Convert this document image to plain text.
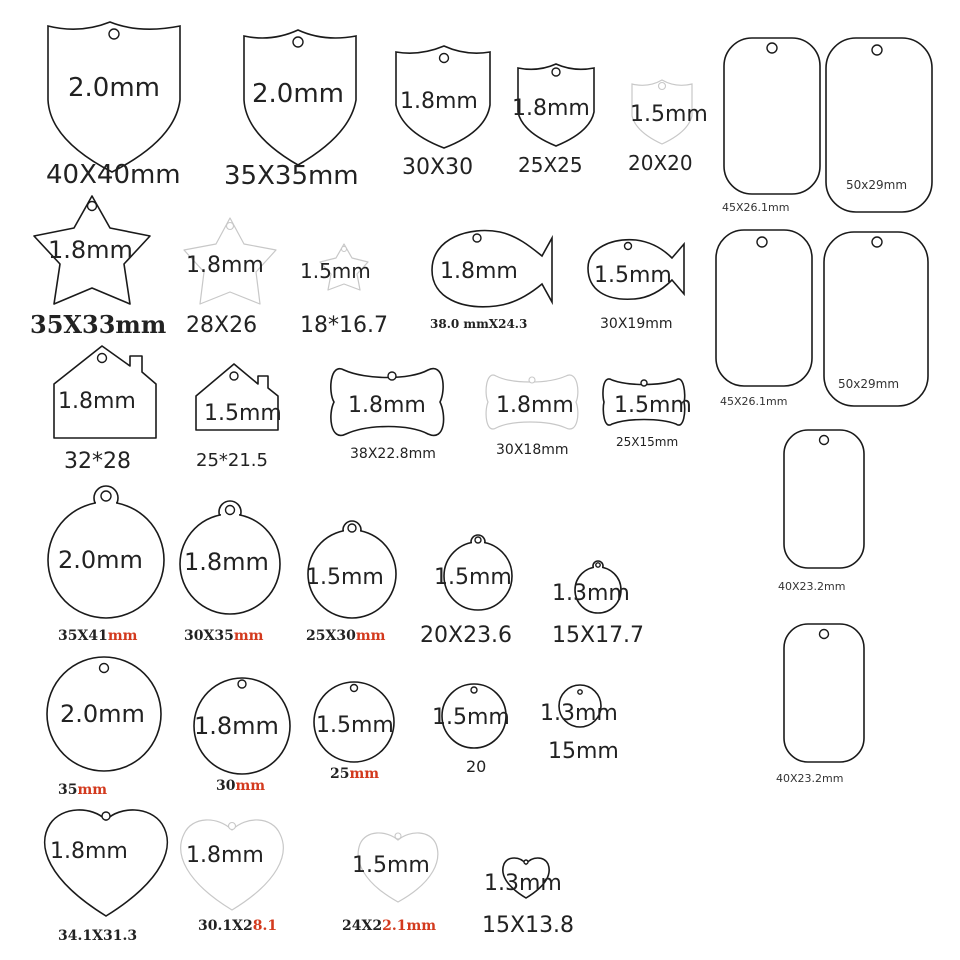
2.0mm
40X40mm
2.0mm
35X35mm
1.8mm
30X30
1.8mm
25X25
1.5mm
20X20
1.8mm
35X33mm
1.8mm
28X26
1.5mm
18*16.7
1.8mm
38.0 mmX24.3
1.5mm
30X19mm
1.8mm
32*28
1.5mm
25*21.5
1.8mm
38X22.8mm
1.8mm
30X18mm
1.5mm
25X15mm
2.0mm
35X41mm
1.8mm
30X35mm
1.5mm
25X30mm
1.5mm
20X23.6
1.3mm
15X17.7
2.0mm
35mm
1.8mm
30mm
1.5mm
25mm
1.5mm
20
1.3mm
15mm
1.8mm
34.1X31.3
1.8mm
30.1X28.1
1.5mm
24X22.1mm
1.3mm
15X13.8
45X26.1mm
50x29mm
45X26.1mm
50x29mm
40X23.2mm
40X23.2mm
